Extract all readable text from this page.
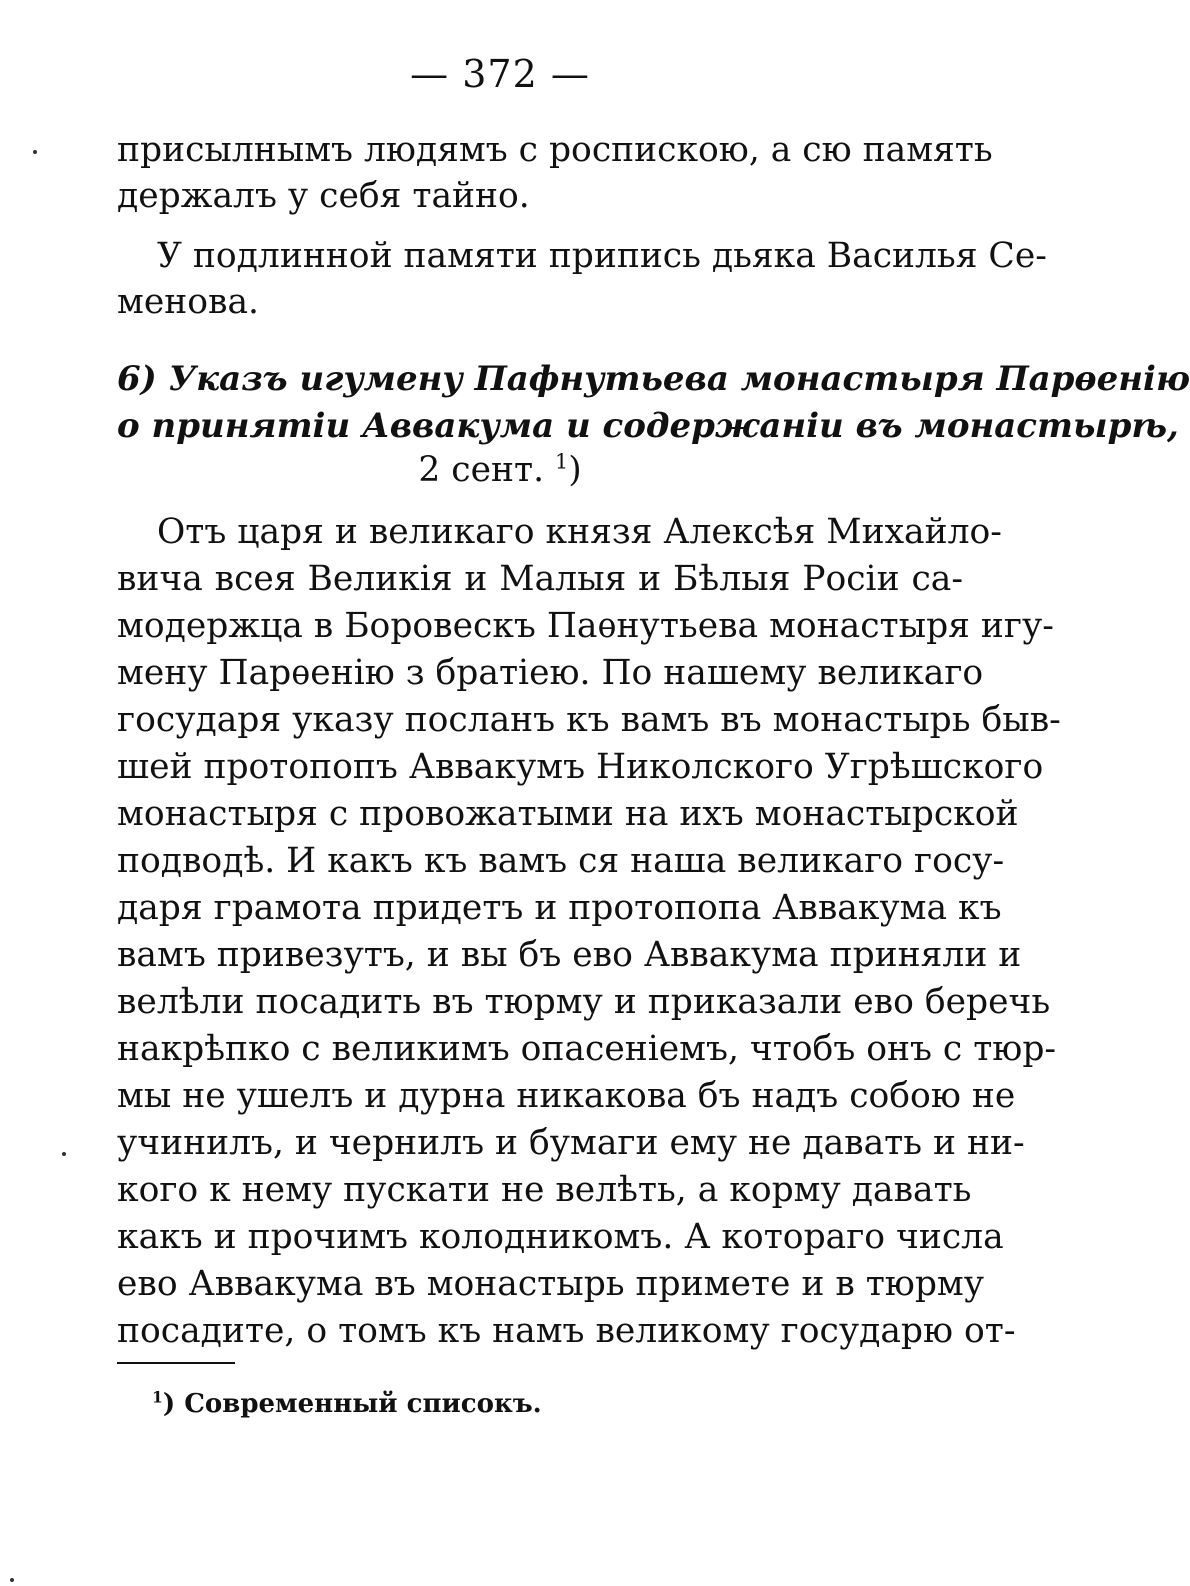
— 372 —
присылнымъ людямъ с роспискою, а сю память
держалъ у себя тайно.
У подлинной памяти припись дьяка Василья Се-
менова.
6) Указъ игумену Пафнутьева монастыря Парѳенію
о принятіи Аввакума и содержаніи въ монастырѣ,
2 сент. $^1$)
Отъ царя и великаго князя Алексѣя Михайло-
вича всея Великія и Малыя и Бѣлыя Росіи са-
модержца в Боровескъ Паѳнутьева монастыря игу-
мену Парѳенію з братіею. По нашему великаго
государя указу посланъ къ вамъ въ монастырь быв-
шей протопопъ Аввакумъ Николского Угрѣшского
монастыря с провожатыми на ихъ монастырской
подводѣ. И какъ къ вамъ ся наша великаго госу-
даря грамота придетъ и протопопа Аввакума къ
вамъ привезутъ, и вы бъ ево Аввакума приняли и
велѣли посадить въ тюрму и приказали ево беречь
накрѣпко с великимъ опасеніемъ, чтобъ онъ с тюр-
мы не ушелъ и дурна никакова бъ надъ собою не
учинилъ, и чернилъ и бумаги ему не давать и ни-
кого к нему пускати не велѣть, а корму давать
какъ и прочимъ колодникомъ. А котораго числа
ево Аввакума въ монастырь примете и в тюрму
посадите, о томъ къ намъ великому государю от-
$^1$) Современный списокъ.
